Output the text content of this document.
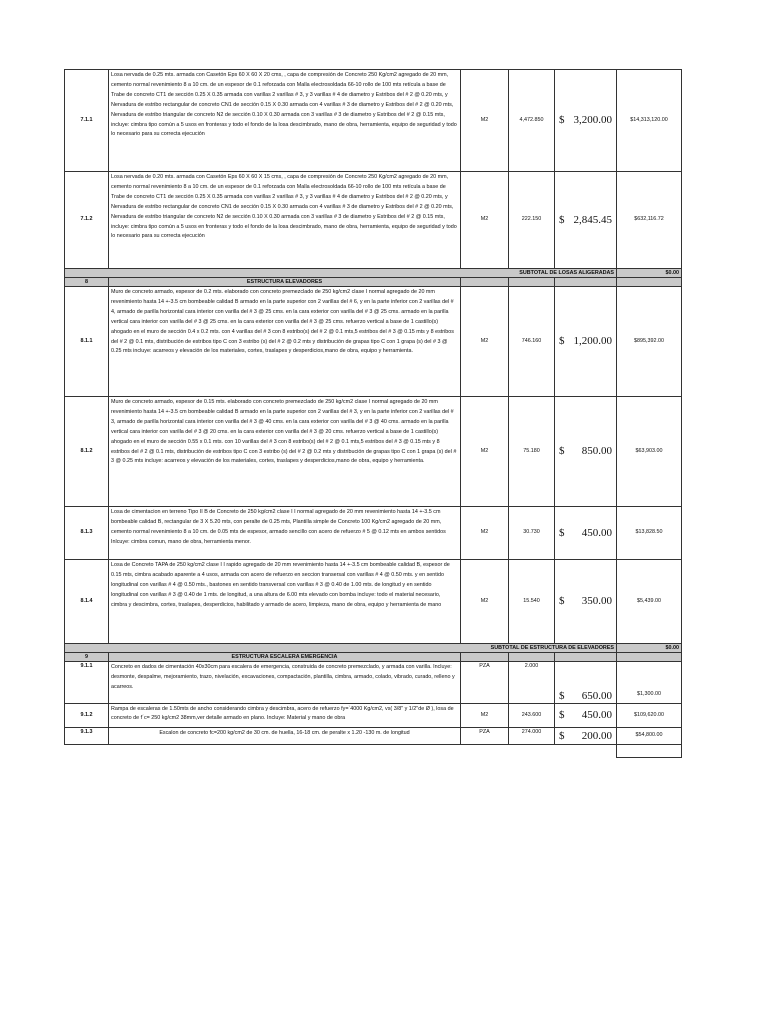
7.1.1	Losa nervada de 0.25 mts. armada con Casetón Eps 60 X 60 X 20 cms, , capa de compresión de Concreto 250 Kg/cm2 agregado de 20 mm, cemento normal revenimiento 8 a 10 cm. de un espesor de 0.1 reforzada con Malla electrosoldada 66-10 rollo de 100 mts retícula a base de Trabe de concreto CT1 de sección 0.25 X 0.35 armada con varillas 2 varillas # 3, y 3 varillas # 4 de diametro y Estribos del # 2 @ 0.20 mts, y Nervadura de estribo rectangular de concreto CN1 de sección 0.15 X 0.30 armada con 4 varillas # 3 de diametro y Estribos del # 2 @ 0.20 mts, Nervadura de estribo triangular de concreto N2 de sección 0.10 X 0.30 armada con 3 varillas # 3 de diametro y Estribos del # 2 @ 0.15 mts, incluye: cimbra tipo común a 5 usos en fronteras y todo el fondo de la losa descimbrado, mano de obra, herramienta, equipo de seguridad y todo lo necesario para su correcta ejecución	M2	4,472.850	$ 3,200.00	$14,313,120.00
7.1.2	Losa nervada de 0.20 mts. armada con Casetón Eps 60 X 60 X 15 cms, , capa de compresión de Concreto 250 Kg/cm2 agregado de 20 mm, cemento normal revenimiento 8 a 10 cm. de un espesor de 0.1 reforzada con Malla electrosoldada 66-10 rollo de 100 mts retícula a base de Trabe de concreto CT1 de sección 0.25 X 0.35 armada con varillas 2 varillas # 3, y 3 varillas # 4 de diametro y Estribos del # 2 @ 0.20 mts, y Nervadura de estribo rectangular de concreto CN1 de sección 0.15 X 0.30 armada con 4 varillas # 3 de diametro y Estribos del # 2 @ 0.20 mts, Nervadura de estribo triangular de concreto N2 de sección 0.10 X 0.30 armada con 3 varillas # 3 de diametro y Estribos del # 2 @ 0.15 mts, incluye: cimbra tipo común a 5 usos en fronteras y todo el fondo de la losa descimbrado, mano de obra, herramienta, equipo de seguridad y todo lo necesario para su correcta ejecución	M2	222.150	$ 2,845.45	$632,116.72
SUBTOTAL DE LOSAS ALIGERADAS					$0.00
8	ESTRUCTURA ELEVADORES				
8.1.1	Muro de concreto armado, espesor de 0.2 mts. elaborado con concreto premezclado de 250 kg/cm2 clase I normal agregado de 20 mm revenimiento hasta 14 +-3.5 cm bombeable calidad B armado en la parte superior con 2 varillas del # 6, y en la parte inferior con 2 varillas del # 4, armado de parilla horizontal cara interior con varilla del # 3 @ 25 cms. en la cara exterior con varilla del # 3 @ 25 cms. armado en la parilla vertical cara interior con varilla del # 3 @ 25 cms. en la cara exterior con varilla del # 3 @ 25 cms. refuerzo vertical a base de 1 castillo(s) ahogado en el muro de sección 0.4 x 0.2 mts. con 4 varillas del # 3 con 8 estribo(s) del # 2 @ 0.1 mts,5 estribos del # 3 @ 0.15 mts y 8 estribos del # 2 @ 0.1 mts, distribución de estribos tipo C con 3 estribo (s) del # 2 @ 0.2 mts y distribución de grapas tipo C con 1 grapa (s) del # 3 @ 0.25 mts incluye: acarreos y elevación de los materiales, cortes, traslapes y desperdicios,mano de obra, equipo y herramienta.	M2	746.160	$ 1,200.00	$895,392.00
8.1.2	Muro de concreto armado, espesor de 0.15 mts. elaborado con concreto premezclado de 250 kg/cm2 clase I normal agregado de 20 mm revenimiento hasta 14 +-3.5 cm bombeable calidad B armado en la parte superior con 2 varillas del # 3, y en la parte inferior con 2 varillas del # 3, armado de parilla horizontal cara interior con varilla del # 3 @ 40 cms. en la cara exterior con varilla del # 3 @ 40 cms. armado en la parilla vertical cara interior con varilla del # 3 @ 20 cms. en la cara exterior con varilla del # 3 @ 20 cms. refuerzo vertical a base de 1 castillo(s) ahogado en el muro de sección 0.55 x 0.1 mts. con 10 varillas del # 3 con 8 estribo(s) del # 2 @ 0.1 mts,5 estribos del # 3 @ 0.15 mts y 8 estribos del # 2 @ 0.1 mts, distribución de estribos tipo C con 3 estribo (s) del # 2 @ 0.2 mts y distribución de grapas tipo C con 1 grapa (s) del # 3 @ 0.25 mts incluye: acarreos y elevación de los materiales, cortes, traslapes y desperdicios,mano de obra, equipo y herramienta.	M2	75.180	$ 850.00	$63,903.00
8.1.3	Losa de cimentacion en terreno Tipo II B de Concreto de 250 kg/cm2 clase I I normal agregado de 20 mm revenimiento hasta 14 +-3.5 cm bombeable calidad B, rectangular de 3 X 5.20 mts, con peralte de 0.25 mts, Plantilla simple de Concreto 100 Kg/cm2 agregado de 20 mm, cemento normal revenimiento 8 a 10 cm. de 0.05 mts de espesor, armado sencillo con acero de refuerzo # 5 @ 0.12 mts en ambos sentidos Inlcuye: cimbra comun, mano de obra, herramienta menor.	M2	30.730	$ 450.00	$13,828.50
8.1.4	Losa de Concreto TAPA de 250 kg/cm2 clase I I rapido agregado de 20 mm revenimiento hasta 14 +-3.5 cm bombeable calidad B, espesor de 0.15 mts, cimbra acabado aparente a 4 usos, armada con acero de refuerzo en seccion transersal con varillas # 4 @ 0.50 mts. y en sentido longitudinal con varillas # 4 @ 0.50 mts., bastones en sentido transversal con varillas # 3 @ 0.40 de 1.00 mts. de longitud y en sentido longitudinal con varillas # 3 @ 0.40 de 1 mts. de longitud, a una altura de 6.00 mts elevado con bomba incluye: todo el material necesario, cimbra y descimbra, cortes, traslapes, desperdicios, habilitado y armado de acero, limpieza, mano de obra, equipo y herramienta de mano	M2	15.540	$ 350.00	$5,439.00
SUBTOTAL DE ESTRUCTURA DE ELEVADORES					$0.00
9	ESTRUCTURA ESCALERA EMERGENCIA				
9.1.1	Concreto en dados de cimentación 40x30cm para escalera de emergencia, construida de concreto premezclado, y armada con varilla. Incluye: desmonte, despalme, mejoramiento, trazo, nivelación, excavaciones, compactación, plantilla, cimbra, armado, colado, vibrado, curado, relleno y acarreos.	PZA	2.000	$ 650.00	$1,300.00
9.1.2	Rampa de escaleras de 1.50mts de ancho considerando cimbra y descimbra, acero de refuerzo fy=`4000 Kg/cm2, vs( 3/8" y 1/2"de Ø ), losa de concreto de f´c= 250 kg/cm2 38mm,ver detalle armado en plano. Incluye: Material y mano de obra	M2	243.600	$ 450.00	$109,620.00
9.1.3	Escalon de concreto fc=200 kg/cm2 de 30 cm. de huella, 16-18 cm. de peralte x 1.20 -130 m. de longitud	PZA	274.000	$ 200.00	$54,800.00
